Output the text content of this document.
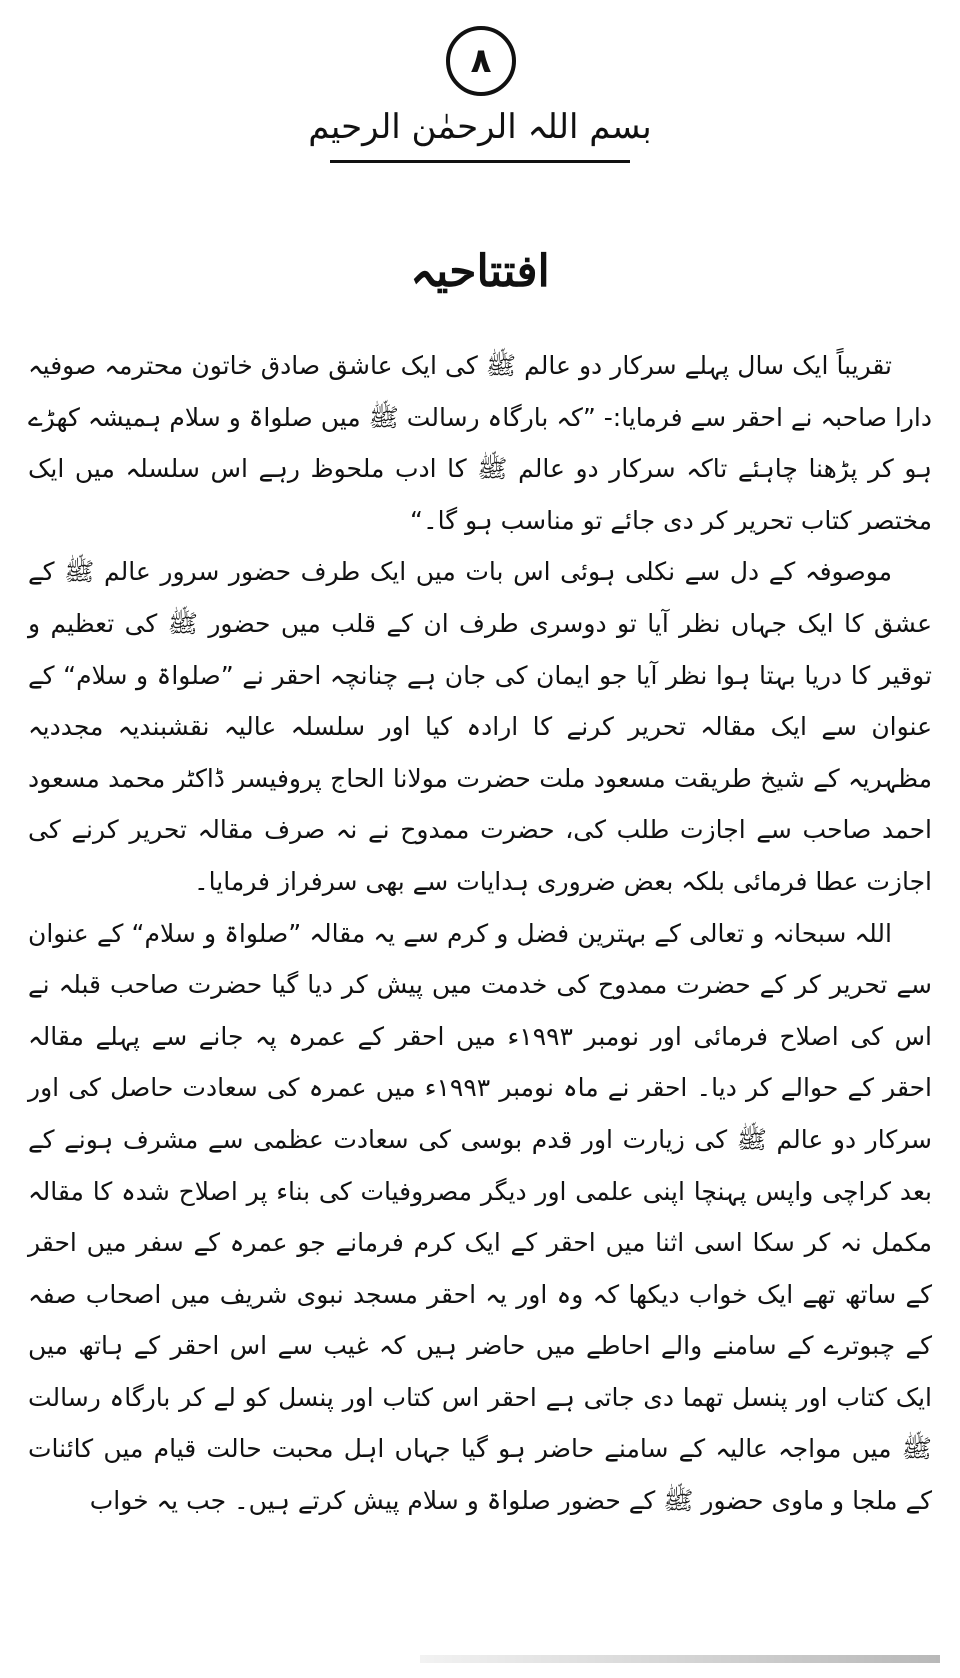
۸
بسم اللہ الرحمٰن الرحیم
افتتاحیہ

تقریباً ایک سال پہلے سرکار دو عالم ﷺ کی ایک عاشق صادق خاتون محترمہ صوفیہ دارا صاحبہ نے احقر سے فرمایا:- ”کہ بارگاہ رسالت ﷺ میں صلواۃ و سلام ہمیشہ کھڑے ہو کر پڑھنا چاہئے تاکہ سرکار دو عالم ﷺ کا ادب ملحوظ رہے اس سلسلہ میں ایک مختصر کتاب تحریر کر دی جائے تو مناسب ہو گا۔“

موصوفہ کے دل سے نکلی ہوئی اس بات میں ایک طرف حضور سرور عالم ﷺ کے عشق کا ایک جہاں نظر آیا تو دوسری طرف ان کے قلب میں حضور ﷺ کی تعظیم و توقیر کا دریا بہتا ہوا نظر آیا جو ایمان کی جان ہے چنانچہ احقر نے ”صلواۃ و سلام“ کے عنوان سے ایک مقالہ تحریر کرنے کا ارادہ کیا اور سلسلہ عالیہ نقشبندیہ مجددیہ مظہریہ کے شیخ طریقت مسعود ملت حضرت مولانا الحاج پروفیسر ڈاکٹر محمد مسعود احمد صاحب سے اجازت طلب کی، حضرت ممدوح نے نہ صرف مقالہ تحریر کرنے کی اجازت عطا فرمائی بلکہ بعض ضروری ہدایات سے بھی سرفراز فرمایا۔

اللہ سبحانہ و تعالی کے بہترین فضل و کرم سے یہ مقالہ ”صلواۃ و سلام“ کے عنوان سے تحریر کر کے حضرت ممدوح کی خدمت میں پیش کر دیا گیا حضرت صاحب قبلہ نے اس کی اصلاح فرمائی اور نومبر ۱۹۹۳ء میں احقر کے عمرہ پہ جانے سے پہلے مقالہ احقر کے حوالے کر دیا۔ احقر نے ماہ نومبر ۱۹۹۳ء میں عمرہ کی سعادت حاصل کی اور سرکار دو عالم ﷺ کی زیارت اور قدم بوسی کی سعادت عظمی سے مشرف ہونے کے بعد کراچی واپس پہنچا اپنی علمی اور دیگر مصروفیات کی بناء پر اصلاح شدہ کا مقالہ مکمل نہ کر سکا اسی اثنا میں احقر کے ایک کرم فرمانے جو عمرہ کے سفر میں احقر کے ساتھ تھے ایک خواب دیکھا کہ وہ اور یہ احقر مسجد نبوی شریف میں اصحاب صفہ کے چبوترے کے سامنے والے احاطے میں حاضر ہیں کہ غیب سے اس احقر کے ہاتھ میں ایک کتاب اور پنسل تھما دی جاتی ہے احقر اس کتاب اور پنسل کو لے کر بارگاہ رسالت ﷺ میں مواجہ عالیہ کے سامنے حاضر ہو گیا جہاں اہل محبت حالت قیام میں کائنات کے ملجا و ماوی حضور ﷺ کے حضور صلواۃ و سلام پیش کرتے ہیں۔ جب یہ خواب
